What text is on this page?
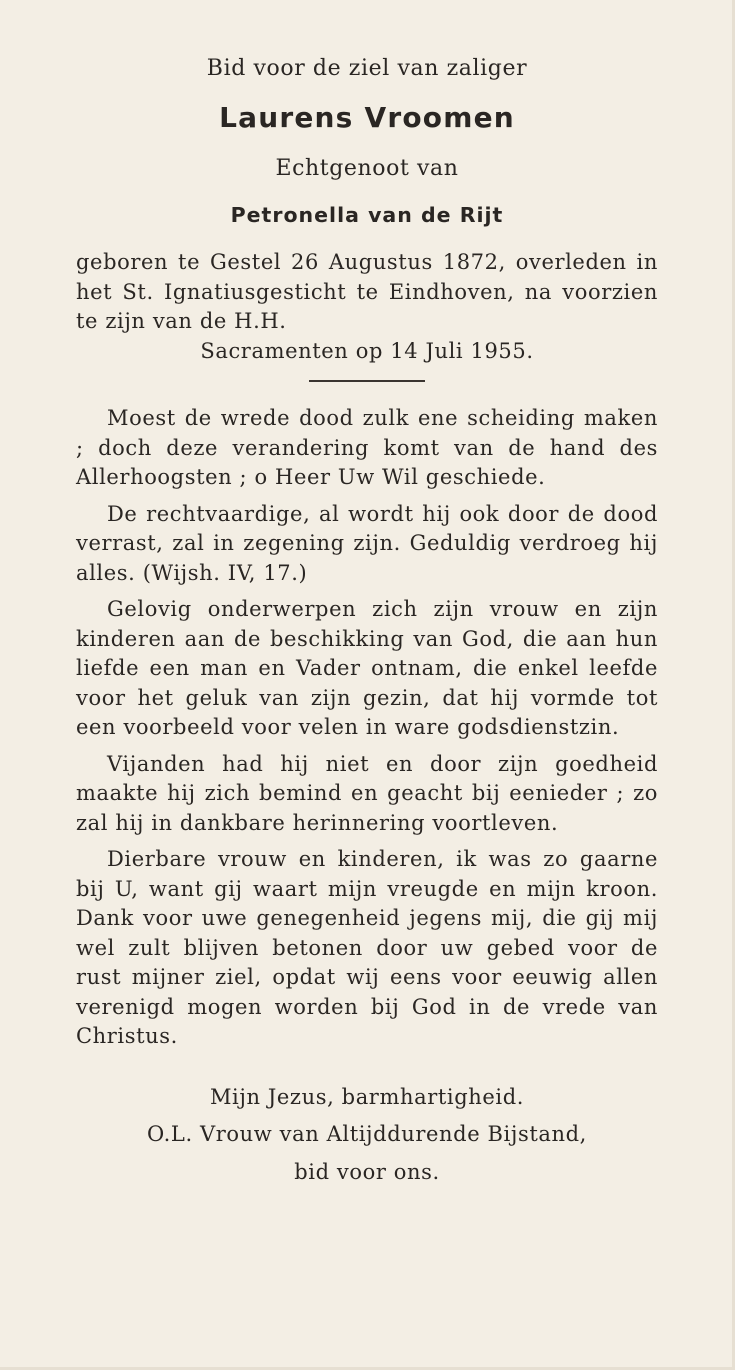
Bid voor de ziel van zaliger
Laurens Vroomen
Echtgenoot van
Petronella van de Rijt
geboren te Gestel 26 Augustus 1872, overleden in het St. Ignatiusgesticht te Eindhoven, na voorzien te zijn van de H.H.
Sacramenten op 14 Juli 1955.
Moest de wrede dood zulk ene scheiding maken ; doch deze verandering komt van de hand des Allerhoogsten ; o Heer Uw Wil geschiede.
De rechtvaardige, al wordt hij ook door de dood verrast, zal in zegening zijn. Geduldig verdroeg hij alles. (Wijsh. IV, 17.)
Gelovig onderwerpen zich zijn vrouw en zijn kinderen aan de beschikking van God, die aan hun liefde een man en Vader ontnam, die enkel leefde voor het geluk van zijn gezin, dat hij vormde tot een voorbeeld voor velen in ware godsdienstzin.
Vijanden had hij niet en door zijn goedheid maakte hij zich bemind en geacht bij eenieder ; zo zal hij in dankbare herinnering voortleven.
Dierbare vrouw en kinderen, ik was zo gaarne bij U, want gij waart mijn vreugde en mijn kroon. Dank voor uwe genegenheid jegens mij, die gij mij wel zult blijven betonen door uw gebed voor de rust mijner ziel, opdat wij eens voor eeuwig allen verenigd mogen worden bij God in de vrede van Christus.
Mijn Jezus, barmhartigheid.
O.L. Vrouw van Altijddurende Bijstand,
bid voor ons.
